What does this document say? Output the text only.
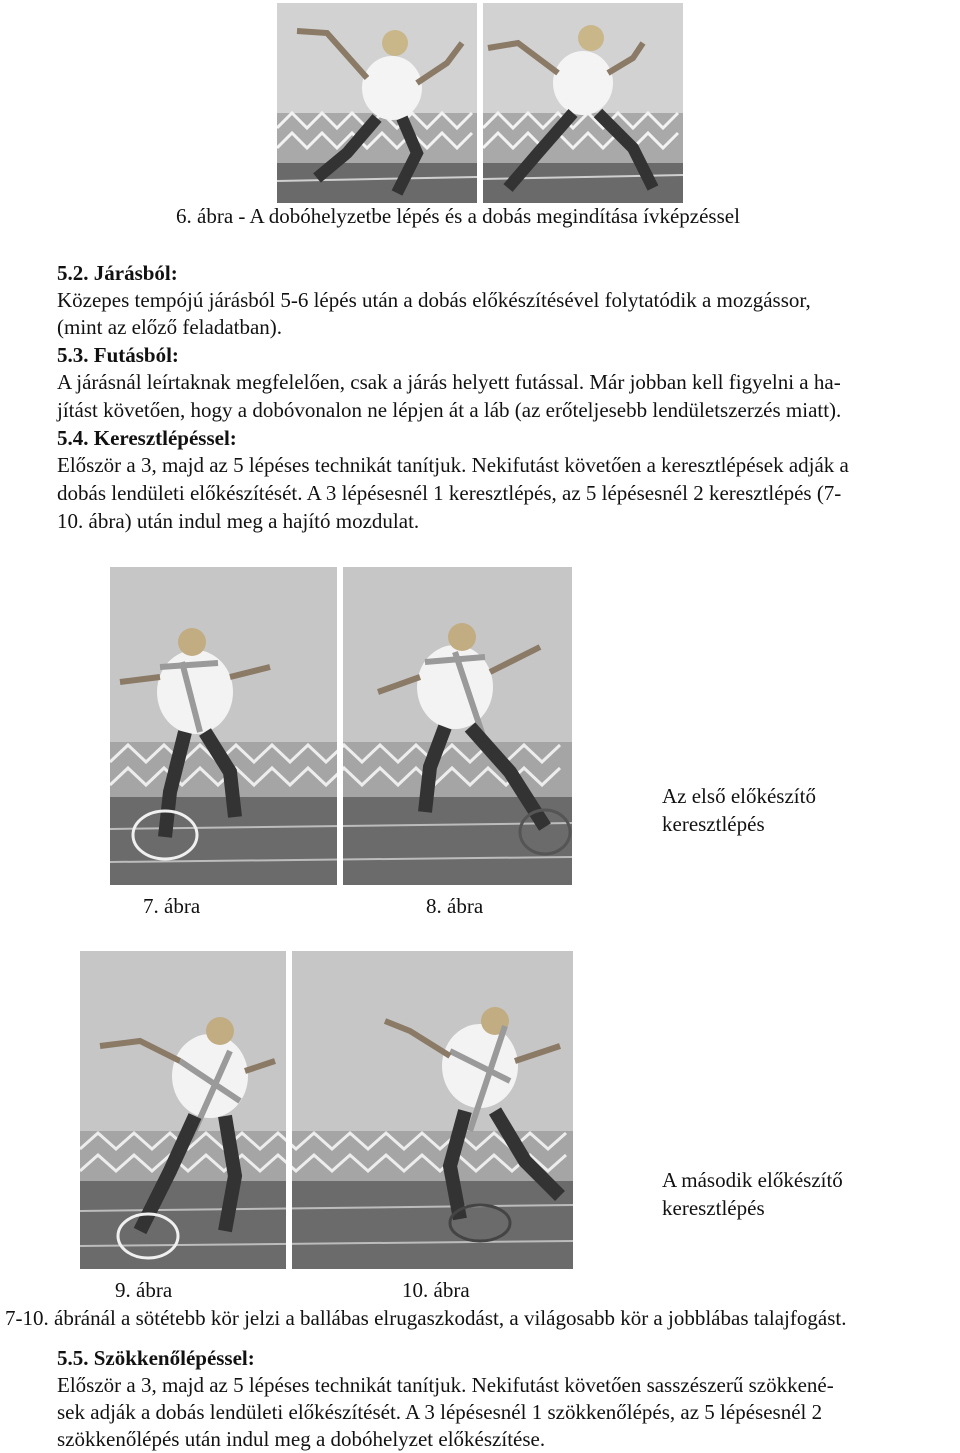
6. ábra - A dobóhelyzetbe lépés és a dobás megindítása ívképzéssel
5.2. Járásból:
Közepes tempójú járásból 5-6 lépés után a dobás előkészítésével folytatódik a mozgássor,
(mint az előző feladatban).
5.3. Futásból:
A járásnál leírtaknak megfelelően, csak a járás helyett futással. Már jobban kell figyelni a ha-
jítást követően, hogy a dobóvonalon ne lépjen át a láb (az erőteljesebb lendületszerzés miatt).
5.4. Keresztlépéssel:
Először a 3, majd az 5 lépéses technikát tanítjuk. Nekifutást követően a keresztlépések adják a
dobás lendületi előkészítését. A 3 lépésesnél 1 keresztlépés, az 5 lépésesnél 2 keresztlépés (7-
10. ábra) után indul meg a hajító mozdulat.
Az első előkészítő
keresztlépés
7. ábra	8. ábra
A második előkészítő
keresztlépés
9. ábra	10. ábra
7-10. ábránál a sötétebb kör jelzi a ballábas elrugaszkodást, a világosabb kör a jobblábas talajfogást.
5.5. Szökkenőlépéssel:
Először a 3, majd az 5 lépéses technikát tanítjuk. Nekifutást követően sasszészerű szökkené-
sek adják a dobás lendületi előkészítését. A 3 lépésesnél 1 szökkenőlépés, az 5 lépésesnél 2
szökkenőlépés után indul meg a dobóhelyzet előkészítése.
